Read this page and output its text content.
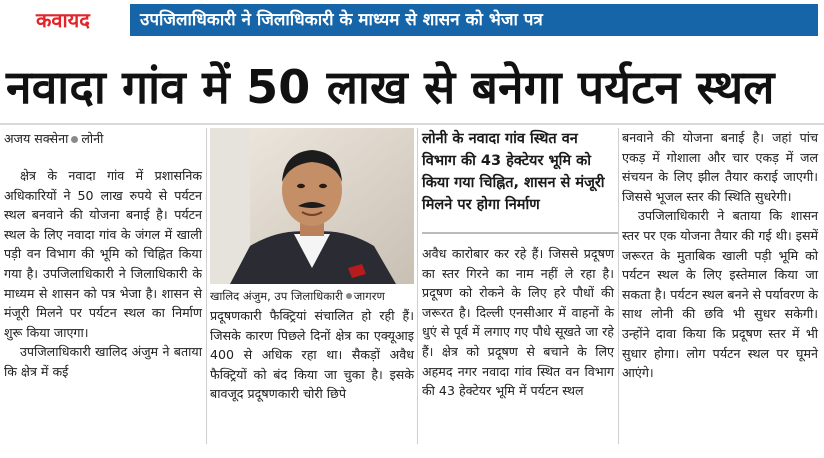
कवायद	उपजिलाधिकारी ने जिलाधिकारी के माध्यम से शासन को भेजा पत्र
नवादा गांव में 50 लाख से बनेगा पर्यटन स्थल
अजय सक्सेना लोनी

क्षेत्र के नवादा गांव में प्रशासनिक अधिकारियों ने 50 लाख रुपये से पर्यटन स्थल बनवाने की योजना बनाई है। पर्यटन स्थल के लिए नवादा गांव के जंगल में खाली पड़ी वन विभाग की भूमि को चिह्नित किया गया है। उपजिलाधिकारी ने जिलाधिकारी के माध्यम से शासन को पत्र भेजा है। शासन से मंजूरी मिलने पर पर्यटन स्थल का निर्माण शुरू किया जाएगा।

उपजिलाधिकारी खालिद अंजुम ने बताया कि क्षेत्र में कई

खालिद अंजुम, उप जिलाधिकारी जागरण

प्रदूषणकारी फैक्ट्रियां संचालित हो रही हैं। जिसके कारण पिछले दिनों क्षेत्र का एक्यूआइ 400 से अधिक रहा था। सैकड़ों अवैध फैक्ट्रियों को बंद किया जा चुका है। इसके बावजूद प्रदूषणकारी चोरी छिपे

लोनी के नवादा गांव स्थित वन विभाग की 43 हेक्टेयर भूमि को किया गया चिह्नित, शासन से मंजूरी मिलने पर होगा निर्माण

अवैध कारोबार कर रहे हैं। जिससे प्रदूषण का स्तर गिरने का नाम नहीं ले रहा है। प्रदूषण को रोकने के लिए हरे पौधों की जरूरत है। दिल्ली एनसीआर में वाहनों के धुएं से पूर्व में लगाए गए पौधे सूखते जा रहे हैं। क्षेत्र को प्रदूषण से बचाने के लिए अहमद नगर नवादा गांव स्थित वन विभाग की 43 हेक्टेयर भूमि में पर्यटन स्थल

बनवाने की योजना बनाई है। जहां पांच एकड़ में गोशाला और चार एकड़ में जल संचयन के लिए झील तैयार कराई जाएगी। जिससे भूजल स्तर की स्थिति सुधरेगी।

उपजिलाधिकारी ने बताया कि शासन स्तर पर एक योजना तैयार की गई थी। इसमें जरूरत के मुताबिक खाली पड़ी भूमि को पर्यटन स्थल के लिए इस्तेमाल किया जा सकता है। पर्यटन स्थल बनने से पर्यावरण के साथ लोनी की छवि भी सुधर सकेगी। उन्होंने दावा किया कि प्रदूषण स्तर में भी सुधार होगा। लोग पर्यटन स्थल पर घूमने आएंगे।
